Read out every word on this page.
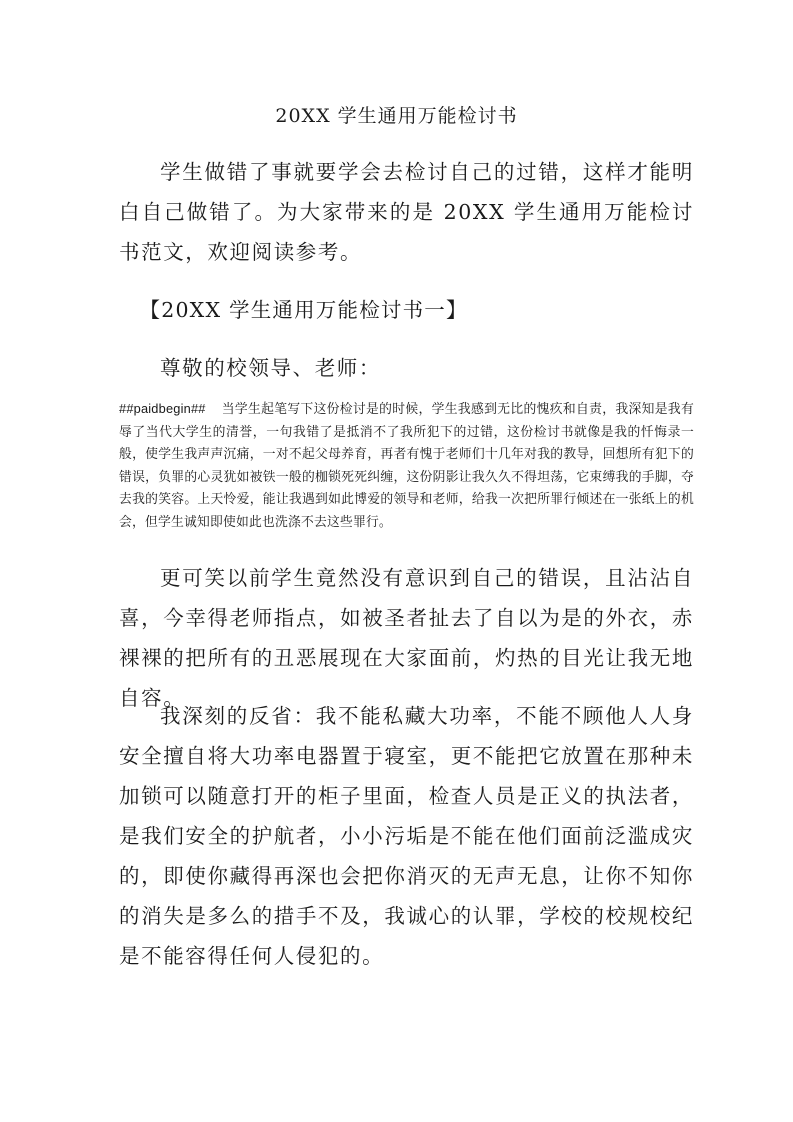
20XX 学生通用万能检讨书

学生做错了事就要学会去检讨自己的过错，这样才能明白自己做错了。为大家带来的是 20XX 学生通用万能检讨书范文，欢迎阅读参考。

【20XX 学生通用万能检讨书一】

尊敬的校领导、老师：

##paidbegin## 当学生起笔写下这份检讨是的时候，学生我感到无比的愧疚和自责，我深知是我有辱了当代大学生的清誉，一句我错了是抵消不了我所犯下的过错，这份检讨书就像是我的忏悔录一般，使学生我声声沉痛，一对不起父母养育，再者有愧于老师们十几年对我的教导，回想所有犯下的错误，负罪的心灵犹如被铁一般的枷锁死死纠缠，这份阴影让我久久不得坦荡，它束缚我的手脚，夺去我的笑容。上天怜爱，能让我遇到如此博爱的领导和老师，给我一次把所罪行倾述在一张纸上的机会，但学生诚知即使如此也洗涤不去这些罪行。

更可笑以前学生竟然没有意识到自己的错误，且沾沾自喜，今幸得老师指点，如被圣者扯去了自以为是的外衣，赤裸裸的把所有的丑恶展现在大家面前，灼热的目光让我无地自容。

我深刻的反省：我不能私藏大功率，不能不顾他人人身安全擅自将大功率电器置于寝室，更不能把它放置在那种未加锁可以随意打开的柜子里面，检查人员是正义的执法者，是我们安全的护航者，小小污垢是不能在他们面前泛滥成灾的，即使你藏得再深也会把你消灭的无声无息，让你不知你的消失是多么的措手不及，我诚心的认罪，学校的校规校纪是不能容得任何人侵犯的。
